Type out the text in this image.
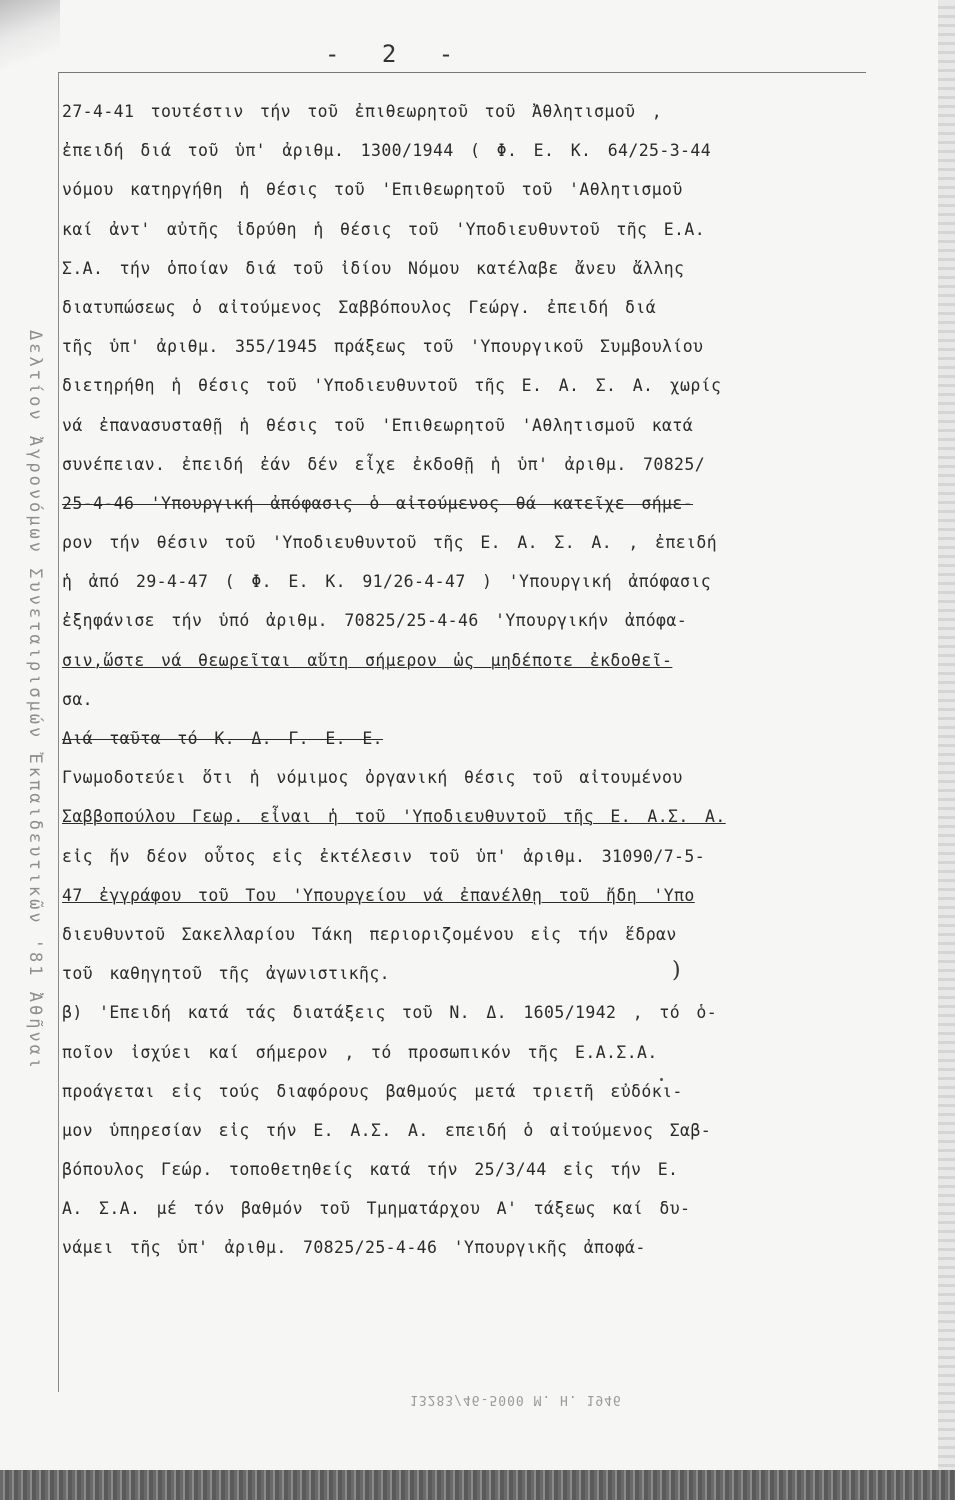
Δελτίον Ἀγρονόμων Συνεταιρισμών Ἐκπαιδευτικῶν '81 Ἀθῆναι
- 2 -
27-4-41 τουτέστιν τήν τοῦ ἐπιθεωρητοῦ τοῦ Ἀθλητισμοῦ ,
ἐπειδή διά τοῦ ὑπ' ἀριθμ. 1300/1944 ( Φ. Ε. Κ. 64/25-3-44
νόμου κατηργήθη ἡ θέσις τοῦ 'Επιθεωρητοῦ τοῦ 'Αθλητισμοῦ
καί ἀντ' αὐτῆς ἱδρύθη ἡ θέσις τοῦ 'Υποδιευθυντοῦ τῆς Ε.Α.
Σ.Α. τήν ὁποίαν διά τοῦ ἰδίου Νόμου κατέλαβε ἄνευ ἄλλης
διατυπώσεως ὁ αἰτούμενος Σαββόπουλος Γεώργ. ἐπειδή διά
τῆς ὑπ' ἀριθμ. 355/1945 πράξεως τοῦ 'Υπουργικοῦ Συμβουλίου
διετηρήθη ἡ θέσις τοῦ 'Υποδιευθυντοῦ τῆς Ε. Α. Σ. Α. χωρίς
νά ἐπανασυσταθῇ ἡ θέσις τοῦ 'Επιθεωρητοῦ 'Αθλητισμοῦ κατά
συνέπειαν. ἐπειδή ἐάν δέν εἶχε ἐκδοθῇ ἡ ὑπ' ἀριθμ. 70825/
25-4-46 'Υπουργική ἀπόφασις ὁ αἰτούμενος θά κατεῖχε σήμε-
ρον τήν θέσιν τοῦ 'Υποδιευθυντοῦ τῆς Ε. Α. Σ. Α. , ἐπειδή
ἡ ἀπό 29-4-47 ( Φ. Ε. Κ. 91/26-4-47 ) 'Υπουργική ἀπόφασις
ἐξηφάνισε τήν ὑπό ἀριθμ. 70825/25-4-46 'Υπουργικήν ἀπόφα-
σιν,ὥστε νά θεωρεῖται αὕτη σήμερον ὡς μηδέποτε ἐκδοθεῖ-
σα.
Διά ταῦτα τό Κ. Δ. Γ. Ε. Ε.
Γνωμοδοτεύει ὅτι ἡ νόμιμος ὀργανική θέσις τοῦ αἰτουμένου
Σαββοπούλου Γεωρ. εἶναι ἡ τοῦ 'Υποδιευθυντοῦ τῆς Ε. Α.Σ. Α.
εἰς ἥν δέον οὗτος εἰς ἐκτέλεσιν τοῦ ὑπ' ἀριθμ. 31090/7-5-
47 ἐγγράφου τοῦ Του 'Υπουργείου νά ἐπανέλθῃ τοῦ ἤδη 'Υπο
διευθυντοῦ Σακελλαρίου Τάκη περιοριζομένου εἰς τήν ἕδραν
τοῦ καθηγητοῦ τῆς ἀγωνιστικῆς.
β) 'Επειδή κατά τάς διατάξεις τοῦ Ν. Δ. 1605/1942 , τό ὁ-
ποῖον ἰσχύει καί σήμερον , τό προσωπικόν τῆς Ε.Α.Σ.Α.
προάγεται εἰς τούς διαφόρους βαθμούς μετά τριετῆ εὐδόκι-
μον ὑπηρεσίαν εἰς τήν Ε. Α.Σ. Α. επειδή ὁ αἰτούμενος Σαβ-
βόπουλος Γεώρ. τοποθετηθείς κατά τήν 25/3/44 εἰς τήν Ε.
Α. Σ.Α. μέ τόν βαθμόν τοῦ Τμηματάρχου Α' τάξεως καί δυ-
νάμει τῆς ὑπ' ἀριθμ. 70825/25-4-46 'Υπουργικῆς ἀποφά-
)
13283/46-5000 M. H. 1946
